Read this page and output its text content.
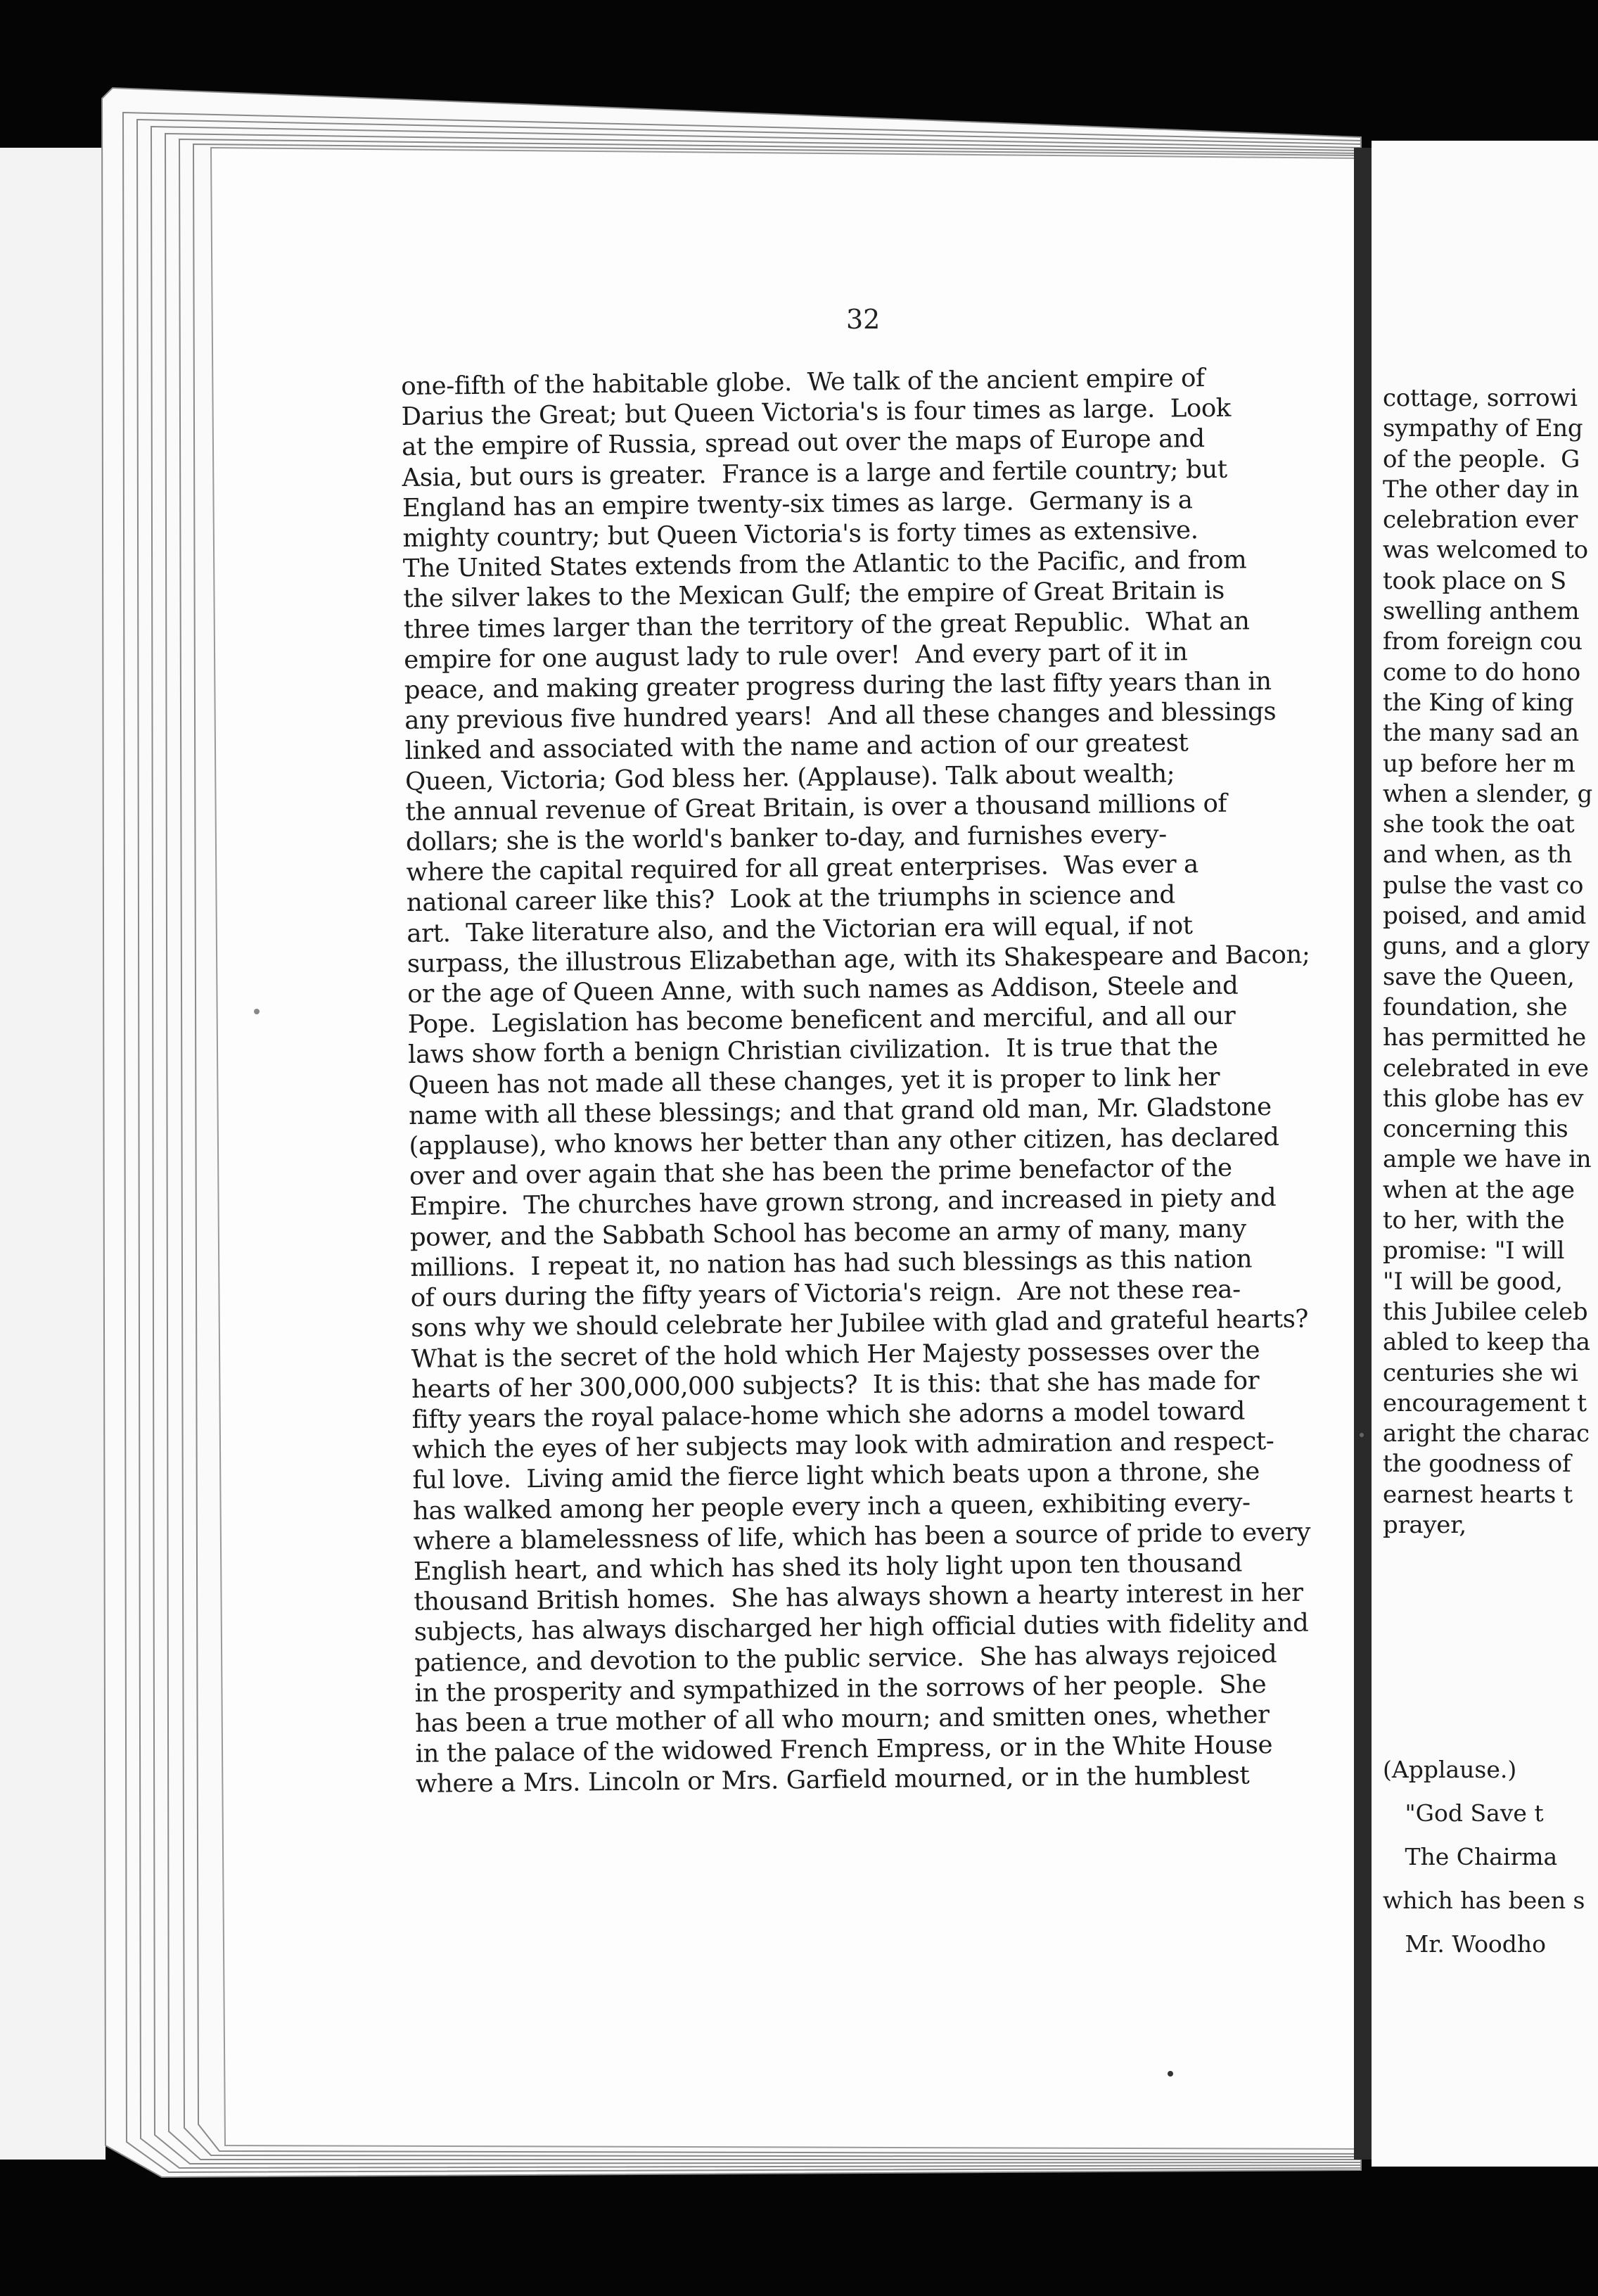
32
one-fifth of the habitable globe.  We talk of the ancient empire of
Darius the Great; but Queen Victoria's is four times as large.  Look
at the empire of Russia, spread out over the maps of Europe and
Asia, but ours is greater.  France is a large and fertile country; but
England has an empire twenty-six times as large.  Germany is a
mighty country; but Queen Victoria's is forty times as extensive.
The United States extends from the Atlantic to the Pacific, and from
the silver lakes to the Mexican Gulf; the empire of Great Britain is
three times larger than the territory of the great Republic.  What an
empire for one august lady to rule over!  And every part of it in
peace, and making greater progress during the last fifty years than in
any previous five hundred years!  And all these changes and blessings
linked and associated with the name and action of our greatest
Queen, Victoria; God bless her. (Applause). Talk about wealth;
the annual revenue of Great Britain, is over a thousand millions of
dollars; she is the world's banker to-day, and furnishes every-
where the capital required for all great enterprises.  Was ever a
national career like this?  Look at the triumphs in science and
art.  Take literature also, and the Victorian era will equal, if not
surpass, the illustrous Elizabethan age, with its Shakespeare and Bacon;
or the age of Queen Anne, with such names as Addison, Steele and
Pope.  Legislation has become beneficent and merciful, and all our
laws show forth a benign Christian civilization.  It is true that the
Queen has not made all these changes, yet it is proper to link her
name with all these blessings; and that grand old man, Mr. Gladstone
(applause), who knows her better than any other citizen, has declared
over and over again that she has been the prime benefactor of the
Empire.  The churches have grown strong, and increased in piety and
power, and the Sabbath School has become an army of many, many
millions.  I repeat it, no nation has had such blessings as this nation
of ours during the fifty years of Victoria's reign.  Are not these rea-
sons why we should celebrate her Jubilee with glad and grateful hearts?
What is the secret of the hold which Her Majesty possesses over the
hearts of her 300,000,000 subjects?  It is this: that she has made for
fifty years the royal palace-home which she adorns a model toward
which the eyes of her subjects may look with admiration and respect-
ful love.  Living amid the fierce light which beats upon a throne, she
has walked among her people every inch a queen, exhibiting every-
where a blamelessness of life, which has been a source of pride to every
English heart, and which has shed its holy light upon ten thousand
thousand British homes.  She has always shown a hearty interest in her
subjects, has always discharged her high official duties with fidelity and
patience, and devotion to the public service.  She has always rejoiced
in the prosperity and sympathized in the sorrows of her people.  She
has been a true mother of all who mourn; and smitten ones, whether
in the palace of the widowed French Empress, or in the White House
where a Mrs. Lincoln or Mrs. Garfield mourned, or in the humblest
cottage, sorrowi
sympathy of Eng
of the people.  G
The other day in
celebration ever
was welcomed to
took place on S
swelling anthem
from foreign cou
come to do hono
the King of king
the many sad an
up before her m
when a slender, g
she took the oat
and when, as th
pulse the vast co
poised, and amid
guns, and a glory
save the Queen,
foundation, she
has permitted he
celebrated in eve
this globe has ev
concerning this
ample we have in
when at the age
to her, with the
promise: "I will
"I will be good,
this Jubilee celeb
abled to keep tha
centuries she wi
encouragement t
aright the charac
the goodness of
earnest hearts t
prayer,
(Applause.)
"God Save t
The Chairma
which has been s
Mr. Woodho
